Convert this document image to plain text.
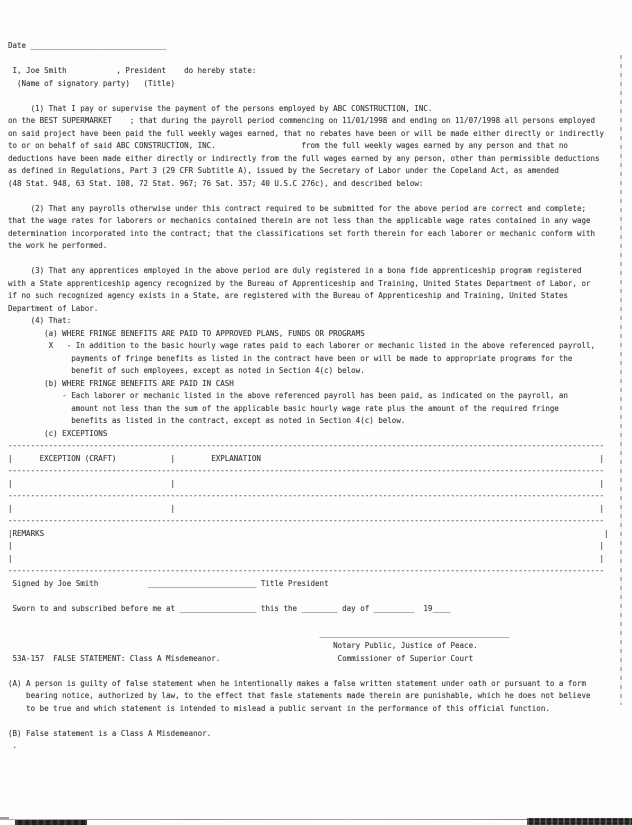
Date ______________________________

I, Joe Smith           , President    do hereby state:
(Name of signatory party)   (Title)

(1) That I pay or supervise the payment of the persons employed by ABC CONSTRUCTION, INC.
on the BEST SUPERMARKET    ; that during the payroll period commencing on 11/01/1998 and ending on 11/07/1998 all persons employed
on said project have been paid the full weekly wages earned, that no rebates have been or will be made either directly or indirectly
to or on behalf of said ABC CONSTRUCTION, INC.                   from the full weekly wages earned by any person and that no
deductions have been made either directly or indirectly from the full wages earned by any person, other than permissible deductions
as defined in Regulations, Part 3 (29 CFR Subtitle A), issued by the Secretary of Labor under the Copeland Act, as amended
(48 Stat. 948, 63 Stat. 108, 72 Stat. 967; 76 Sat. 357; 40 U.S.C 276c), and described below:

(2) That any payrolls otherwise under this contract required to be submitted for the above period are correct and complete;
that the wage rates for laborers or mechanics contained therein are not less than the applicable wage rates contained in any wage
determination incorporated into the contract; that the classifications set forth therein for each laborer or mechanic conform with
the work he performed.

(3) That any apprentices employed in the above period are duly registered in a bona fide apprenticeship program registered
with a State apprenticeship agency recognized by the Bureau of Apprenticeship and Training, United States Department of Labor, or
if no such recognized agency exists in a State, are registered with the Bureau of Apprenticeship and Training, United States
Department of Labor.
(4) That:
(a) WHERE FRINGE BENEFITS ARE PAID TO APPROVED PLANS, FUNDS OR PROGRAMS
X   - In addition to the basic hourly wage rates paid to each laborer or mechanic listed in the above referenced payroll,
payments of fringe benefits as listed in the contract have been or will be made to appropriate programs for the
benefit of such employees, except as noted in Section 4(c) below.
(b) WHERE FRINGE BENEFITS ARE PAID IN CASH
- Each laborer or mechanic listed in the above referenced payroll has been paid, as indicated on the payroll, an
amount not less than the sum of the applicable basic hourly wage rate plus the amount of the required fringe
benefits as listed in the contract, except as noted in Section 4(c) below.
(c) EXCEPTIONS
------------------------------------------------------------------------------------------------------------------------------------
|      EXCEPTION (CRAFT)            |        EXPLANATION                                                                           |
------------------------------------------------------------------------------------------------------------------------------------
|                                   |                                                                                              |
------------------------------------------------------------------------------------------------------------------------------------
|                                   |                                                                                              |
------------------------------------------------------------------------------------------------------------------------------------
|REMARKS                                                                                                                            |
|                                                                                                                                  |
|                                                                                                                                  |
------------------------------------------------------------------------------------------------------------------------------------
Signed by Joe Smith           ________________________ Title President

Sworn to and subscribed before me at _________________ this the ________ day of _________  19____

__________________________________________
Notary Public, Justice of Peace.
53A-157  FALSE STATEMENT: Class A Misdemeanor.                          Commissioner of Superior Court

(A) A person is guilty of false statement when he intentionally makes a false written statement under oath or pursuant to a form
bearing notice, authorized by law, to the effect that fasle statements made therein are punishable, which he does not believe
to be true and which statement is intended to mislead a public servant in the performance of this official function.

(B) False statement is a Class A Misdemeanor.
.
